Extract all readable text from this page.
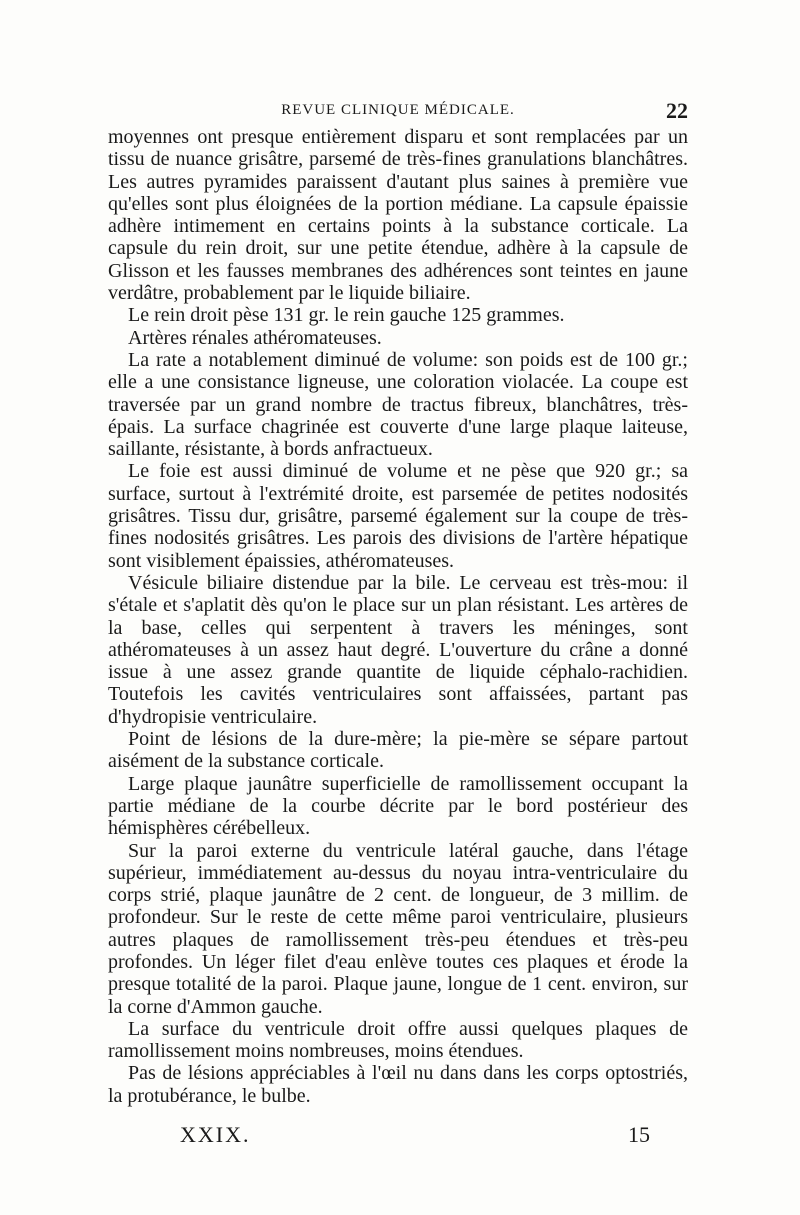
REVUE CLINIQUE MÉDICALE.	22

moyennes ont presque entièrement disparu et sont remplacées par un tissu de nuance grisâtre, parsemé de très-fines granulations blanchâtres. Les autres pyramides paraissent d'autant plus saines à première vue qu'elles sont plus éloignées de la portion médiane. La capsule épaissie adhère intimement en certains points à la substance corticale. La capsule du rein droit, sur une petite étendue, adhère à la capsule de Glisson et les fausses membranes des adhérences sont teintes en jaune verdâtre, probablement par le liquide biliaire.

Le rein droit pèse 131 gr. le rein gauche 125 grammes.

Artères rénales athéromateuses.

La rate a notablement diminué de volume: son poids est de 100 gr.; elle a une consistance ligneuse, une coloration violacée. La coupe est traversée par un grand nombre de tractus fibreux, blanchâtres, très-épais. La surface chagrinée est couverte d'une large plaque laiteuse, saillante, résistante, à bords anfractueux.

Le foie est aussi diminué de volume et ne pèse que 920 gr.; sa surface, surtout à l'extrémité droite, est parsemée de petites nodosités grisâtres. Tissu dur, grisâtre, parsemé également sur la coupe de très-fines nodosités grisâtres. Les parois des divisions de l'artère hépatique sont visiblement épaissies, athéromateuses.

Vésicule biliaire distendue par la bile. Le cerveau est très-mou: il s'étale et s'aplatit dès qu'on le place sur un plan résistant. Les artères de la base, celles qui serpentent à travers les méninges, sont athéromateuses à un assez haut degré. L'ouverture du crâne a donné issue à une assez grande quantite de liquide céphalo-rachidien. Toutefois les cavités ventriculaires sont affaissées, partant pas d'hydropisie ventriculaire.

Point de lésions de la dure-mère; la pie-mère se sépare partout aisément de la substance corticale.

Large plaque jaunâtre superficielle de ramollissement occupant la partie médiane de la courbe décrite par le bord postérieur des hémisphères cérébelleux.

Sur la paroi externe du ventricule latéral gauche, dans l'étage supérieur, immédiatement au-dessus du noyau intra-ventriculaire du corps strié, plaque jaunâtre de 2 cent. de longueur, de 3 millim. de profondeur. Sur le reste de cette même paroi ventriculaire, plusieurs autres plaques de ramollissement très-peu étendues et très-peu profondes. Un léger filet d'eau enlève toutes ces plaques et érode la presque totalité de la paroi. Plaque jaune, longue de 1 cent. environ, sur la corne d'Ammon gauche.

La surface du ventricule droit offre aussi quelques plaques de ramollissement moins nombreuses, moins étendues.

Pas de lésions appréciables à l'œil nu dans dans les corps optostriés, la protubérance, le bulbe.

XXIX.	15
